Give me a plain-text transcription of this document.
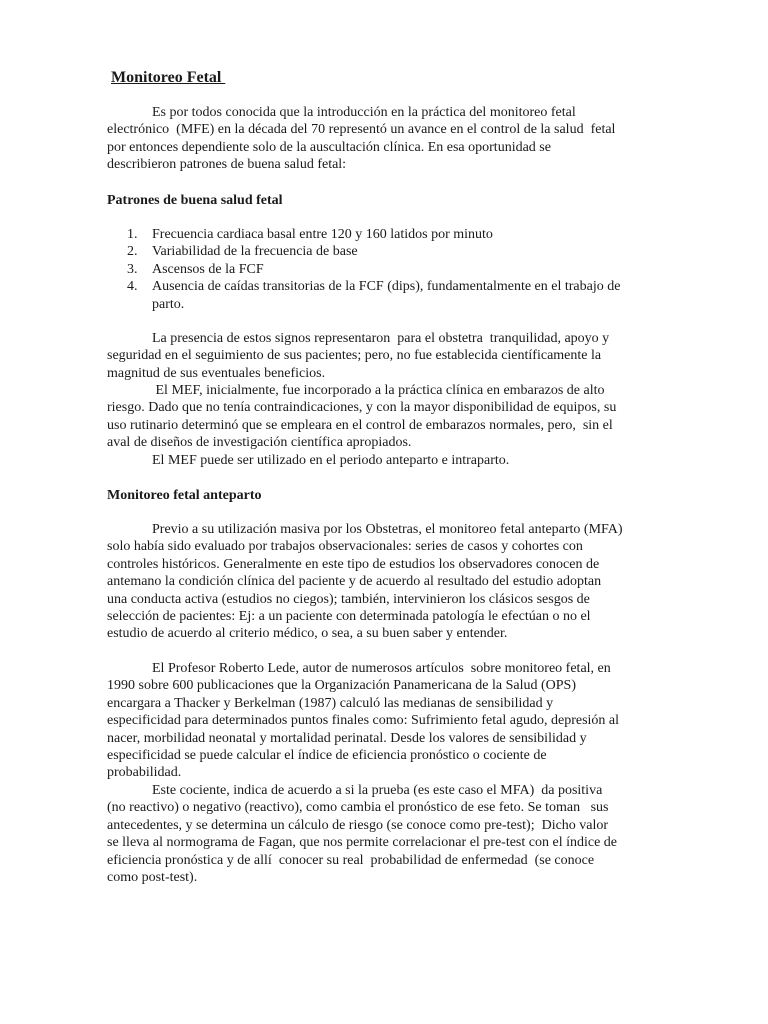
Monitoreo Fetal
Es por todos conocida que la introducción en la práctica del monitoreo fetal
electrónico  (MFE) en la década del 70 representó un avance en el control de la salud  fetal
por entonces dependiente solo de la auscultación clínica. En esa oportunidad se
describieron patrones de buena salud fetal:
Patrones de buena salud fetal
1.	Frecuencia cardiaca basal entre 120 y 160 latidos por minuto
2.	Variabilidad de la frecuencia de base
3.	Ascensos de la FCF
4.	Ausencia de caídas transitorias de la FCF (dips), fundamentalmente en el trabajo de
parto.
La presencia de estos signos representaron  para el obstetra  tranquilidad, apoyo y
seguridad en el seguimiento de sus pacientes; pero, no fue establecida científicamente la
magnitud de sus eventuales beneficios.
El MEF, inicialmente, fue incorporado a la práctica clínica en embarazos de alto
riesgo. Dado que no tenía contraindicaciones, y con la mayor disponibilidad de equipos, su
uso rutinario determinó que se empleara en el control de embarazos normales, pero,  sin el
aval de diseños de investigación científica apropiados.
El MEF puede ser utilizado en el periodo anteparto e intraparto.
Monitoreo fetal anteparto
Previo a su utilización masiva por los Obstetras, el monitoreo fetal anteparto (MFA)
solo había sido evaluado por trabajos observacionales: series de casos y cohortes con
controles históricos. Generalmente en este tipo de estudios los observadores conocen de
antemano la condición clínica del paciente y de acuerdo al resultado del estudio adoptan
una conducta activa (estudios no ciegos); también, intervinieron los clásicos sesgos de
selección de pacientes: Ej: a un paciente con determinada patología le efectúan o no el
estudio de acuerdo al criterio médico, o sea, a su buen saber y entender.
El Profesor Roberto Lede, autor de numerosos artículos  sobre monitoreo fetal, en
1990 sobre 600 publicaciones que la Organización Panamericana de la Salud (OPS)
encargara a Thacker y Berkelman (1987) calculó las medianas de sensibilidad y
especificidad para determinados puntos finales como: Sufrimiento fetal agudo, depresión al
nacer, morbilidad neonatal y mortalidad perinatal. Desde los valores de sensibilidad y
especificidad se puede calcular el índice de eficiencia pronóstico o cociente de
probabilidad.
Este cociente, indica de acuerdo a si la prueba (es este caso el MFA)  da positiva
(no reactivo) o negativo (reactivo), como cambia el pronóstico de ese feto. Se toman   sus
antecedentes, y se determina un cálculo de riesgo (se conoce como pre-test);  Dicho valor
se lleva al normograma de Fagan, que nos permite correlacionar el pre-test con el índice de
eficiencia pronóstica y de allí  conocer su real  probabilidad de enfermedad  (se conoce
como post-test).
